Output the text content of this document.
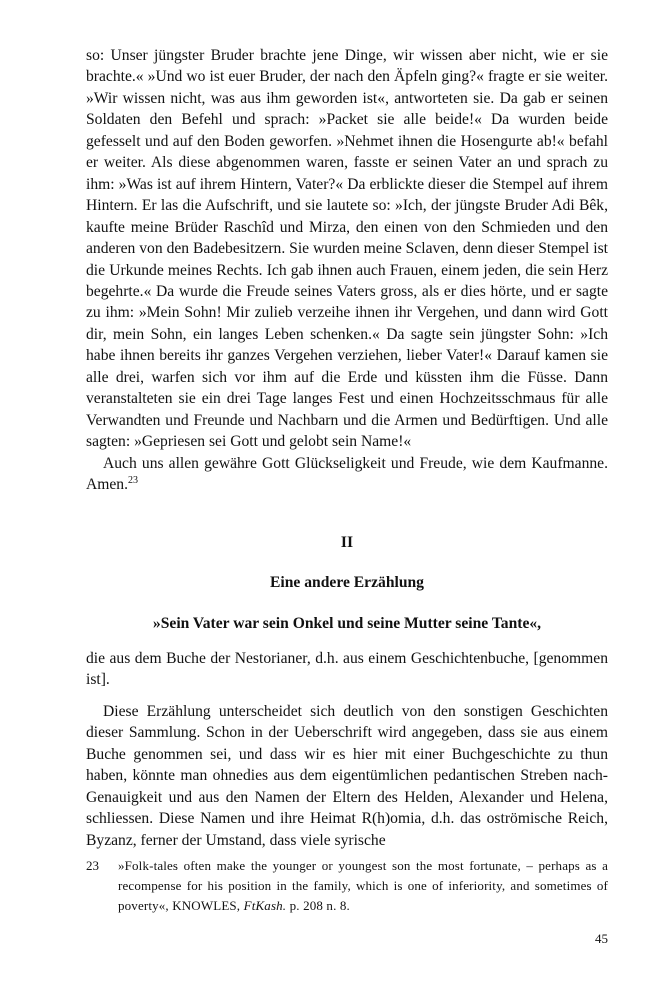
so: Unser jüngster Bruder brachte jene Dinge, wir wissen aber nicht, wie er sie brachte.« »Und wo ist euer Bruder, der nach den Äpfeln ging?« fragte er sie weiter. »Wir wissen nicht, was aus ihm geworden ist«, antworteten sie. Da gab er seinen Soldaten den Befehl und sprach: »Packet sie alle beide!« Da wurden beide gefesselt und auf den Boden geworfen. »Nehmet ihnen die Hosengurte ab!« befahl er weiter. Als diese abgenommen waren, fasste er seinen Vater an und sprach zu ihm: »Was ist auf ihrem Hintern, Vater?« Da erblickte dieser die Stempel auf ihrem Hintern. Er las die Aufschrift, und sie lautete so: »Ich, der jüngste Bruder Adi Bêk, kaufte meine Brüder Raschîd und Mirza, den einen von den Schmieden und den anderen von den Badebesitzern. Sie wurden meine Sclaven, denn dieser Stempel ist die Urkunde meines Rechts. Ich gab ihnen auch Frauen, einem jeden, die sein Herz begehrte.« Da wurde die Freude seines Vaters gross, als er dies hörte, und er sagte zu ihm: »Mein Sohn! Mir zulieb verzeihe ihnen ihr Vergehen, und dann wird Gott dir, mein Sohn, ein langes Leben schenken.« Da sagte sein jüngster Sohn: »Ich habe ihnen bereits ihr ganzes Vergehen verziehen, lieber Vater!« Darauf kamen sie alle drei, warfen sich vor ihm auf die Erde und küssten ihm die Füsse. Dann veranstalteten sie ein drei Tage langes Fest und einen Hochzeitsschmaus für alle Verwandten und Freunde und Nachbarn und die Armen und Bedürftigen. Und alle sagten: »Gepriesen sei Gott und gelobt sein Name!«

Auch uns allen gewähre Gott Glückseligkeit und Freude, wie dem Kaufmanne. Amen.$^{23}$

II
Eine andere Erzählung
»Sein Vater war sein Onkel und seine Mutter seine Tante«,

die aus dem Buche der Nestorianer, d.h. aus einem Geschichtenbuche, [genommen ist].

Diese Erzählung unterscheidet sich deutlich von den sonstigen Geschichten dieser Sammlung. Schon in der Ueberschrift wird angegeben, dass sie aus einem Buche genommen sei, und dass wir es hier mit einer Buchgeschichte zu thun haben, könnte man ohnedies aus dem eigentümlichen pedantischen Streben nach- Genauigkeit und aus den Namen der Eltern des Helden, Alexander und Helena, schliessen. Diese Namen und ihre Heimat R(h)omia, d.h. das oströmische Reich, Byzanz, ferner der Umstand, dass viele syrische

23 »Folk-tales often make the younger or youngest son the most fortunate, – perhaps as a recompense for his position in the family, which is one of inferiority, and sometimes of poverty«, KNOWLES, FtKash. p. 208 n. 8.
45
